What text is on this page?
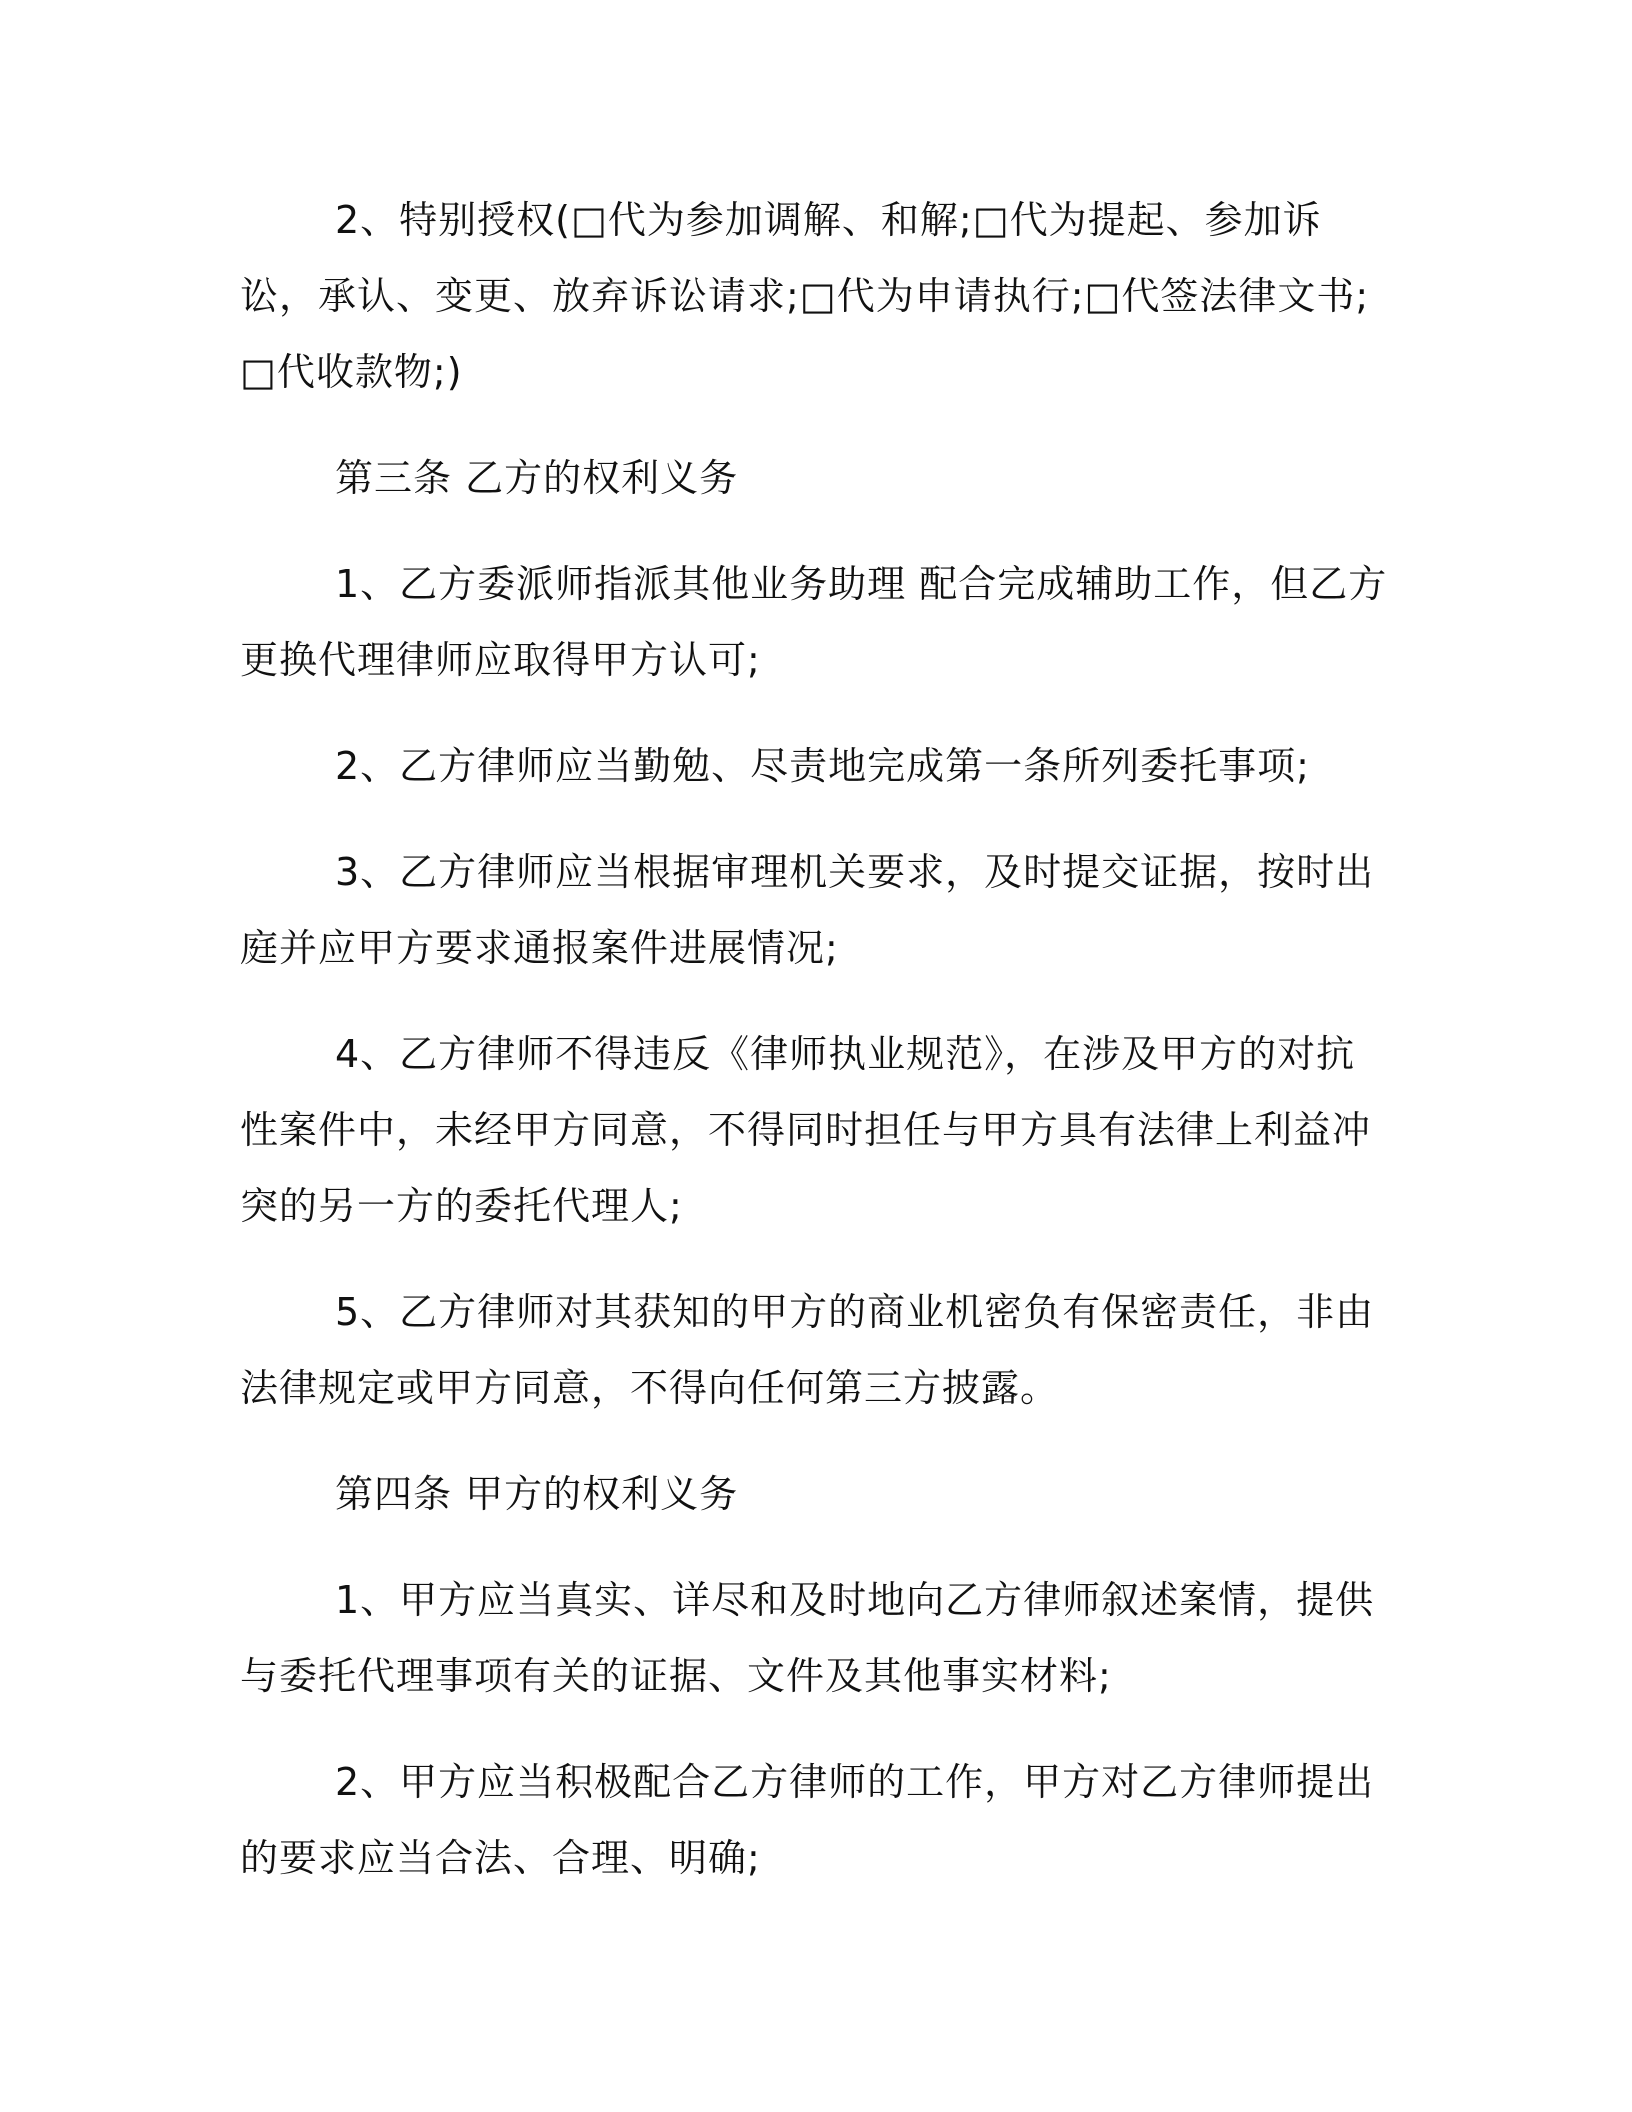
2、特别授权(□代为参加调解、和解;□代为提起、参加诉讼，承认、变更、放弃诉讼请求;□代为申请执行;□代签法律文书;□代收款物;)

第三条 乙方的权利义务

1、乙方委派师指派其他业务助理 配合完成辅助工作，但乙方更换代理律师应取得甲方认可;

2、乙方律师应当勤勉、尽责地完成第一条所列委托事项;

3、乙方律师应当根据审理机关要求，及时提交证据，按时出庭并应甲方要求通报案件进展情况;

4、乙方律师不得违反《律师执业规范》，在涉及甲方的对抗性案件中，未经甲方同意，不得同时担任与甲方具有法律上利益冲突的另一方的委托代理人;

5、乙方律师对其获知的甲方的商业机密负有保密责任，非由法律规定或甲方同意，不得向任何第三方披露。

第四条 甲方的权利义务

1、甲方应当真实、详尽和及时地向乙方律师叙述案情，提供与委托代理事项有关的证据、文件及其他事实材料;

2、甲方应当积极配合乙方律师的工作，甲方对乙方律师提出的要求应当合法、合理、明确;
